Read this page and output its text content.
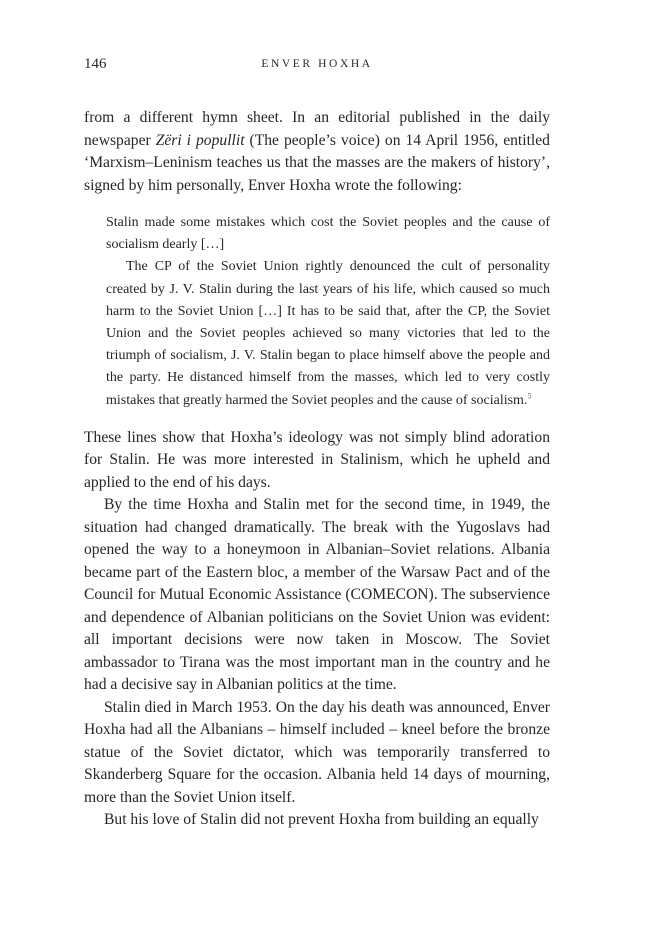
146	ENVER HOXHA

from a different hymn sheet. In an editorial published in the daily newspaper Zëri i popullit (The people’s voice) on 14 April 1956, entitled ‘Marxism–Leninism teaches us that the masses are the makers of history’, signed by him personally, Enver Hoxha wrote the following:

Stalin made some mistakes which cost the Soviet peoples and the cause of socialism dearly […]

The CP of the Soviet Union rightly denounced the cult of personality created by J. V. Stalin during the last years of his life, which caused so much harm to the Soviet Union […] It has to be said that, after the CP, the Soviet Union and the Soviet peoples achieved so many victories that led to the triumph of socialism, J. V. Stalin began to place himself above the people and the party. He distanced himself from the masses, which led to very costly mistakes that greatly harmed the Soviet peoples and the cause of socialism.$^5$

These lines show that Hoxha’s ideology was not simply blind adoration for Stalin. He was more interested in Stalinism, which he upheld and applied to the end of his days.

By the time Hoxha and Stalin met for the second time, in 1949, the situation had changed dramatically. The break with the Yugoslavs had opened the way to a honeymoon in Albanian–Soviet relations. Albania became part of the Eastern bloc, a member of the Warsaw Pact and of the Council for Mutual Economic Assistance (COMECON). The subservience and dependence of Albanian politicians on the Soviet Union was evident: all important decisions were now taken in Moscow. The Soviet ambassador to Tirana was the most important man in the country and he had a decisive say in Albanian politics at the time.

Stalin died in March 1953. On the day his death was announced, Enver Hoxha had all the Albanians – himself included – kneel before the bronze statue of the Soviet dictator, which was temporarily transferred to Skanderberg Square for the occasion. Albania held 14 days of mourning, more than the Soviet Union itself.

But his love of Stalin did not prevent Hoxha from building an equally
